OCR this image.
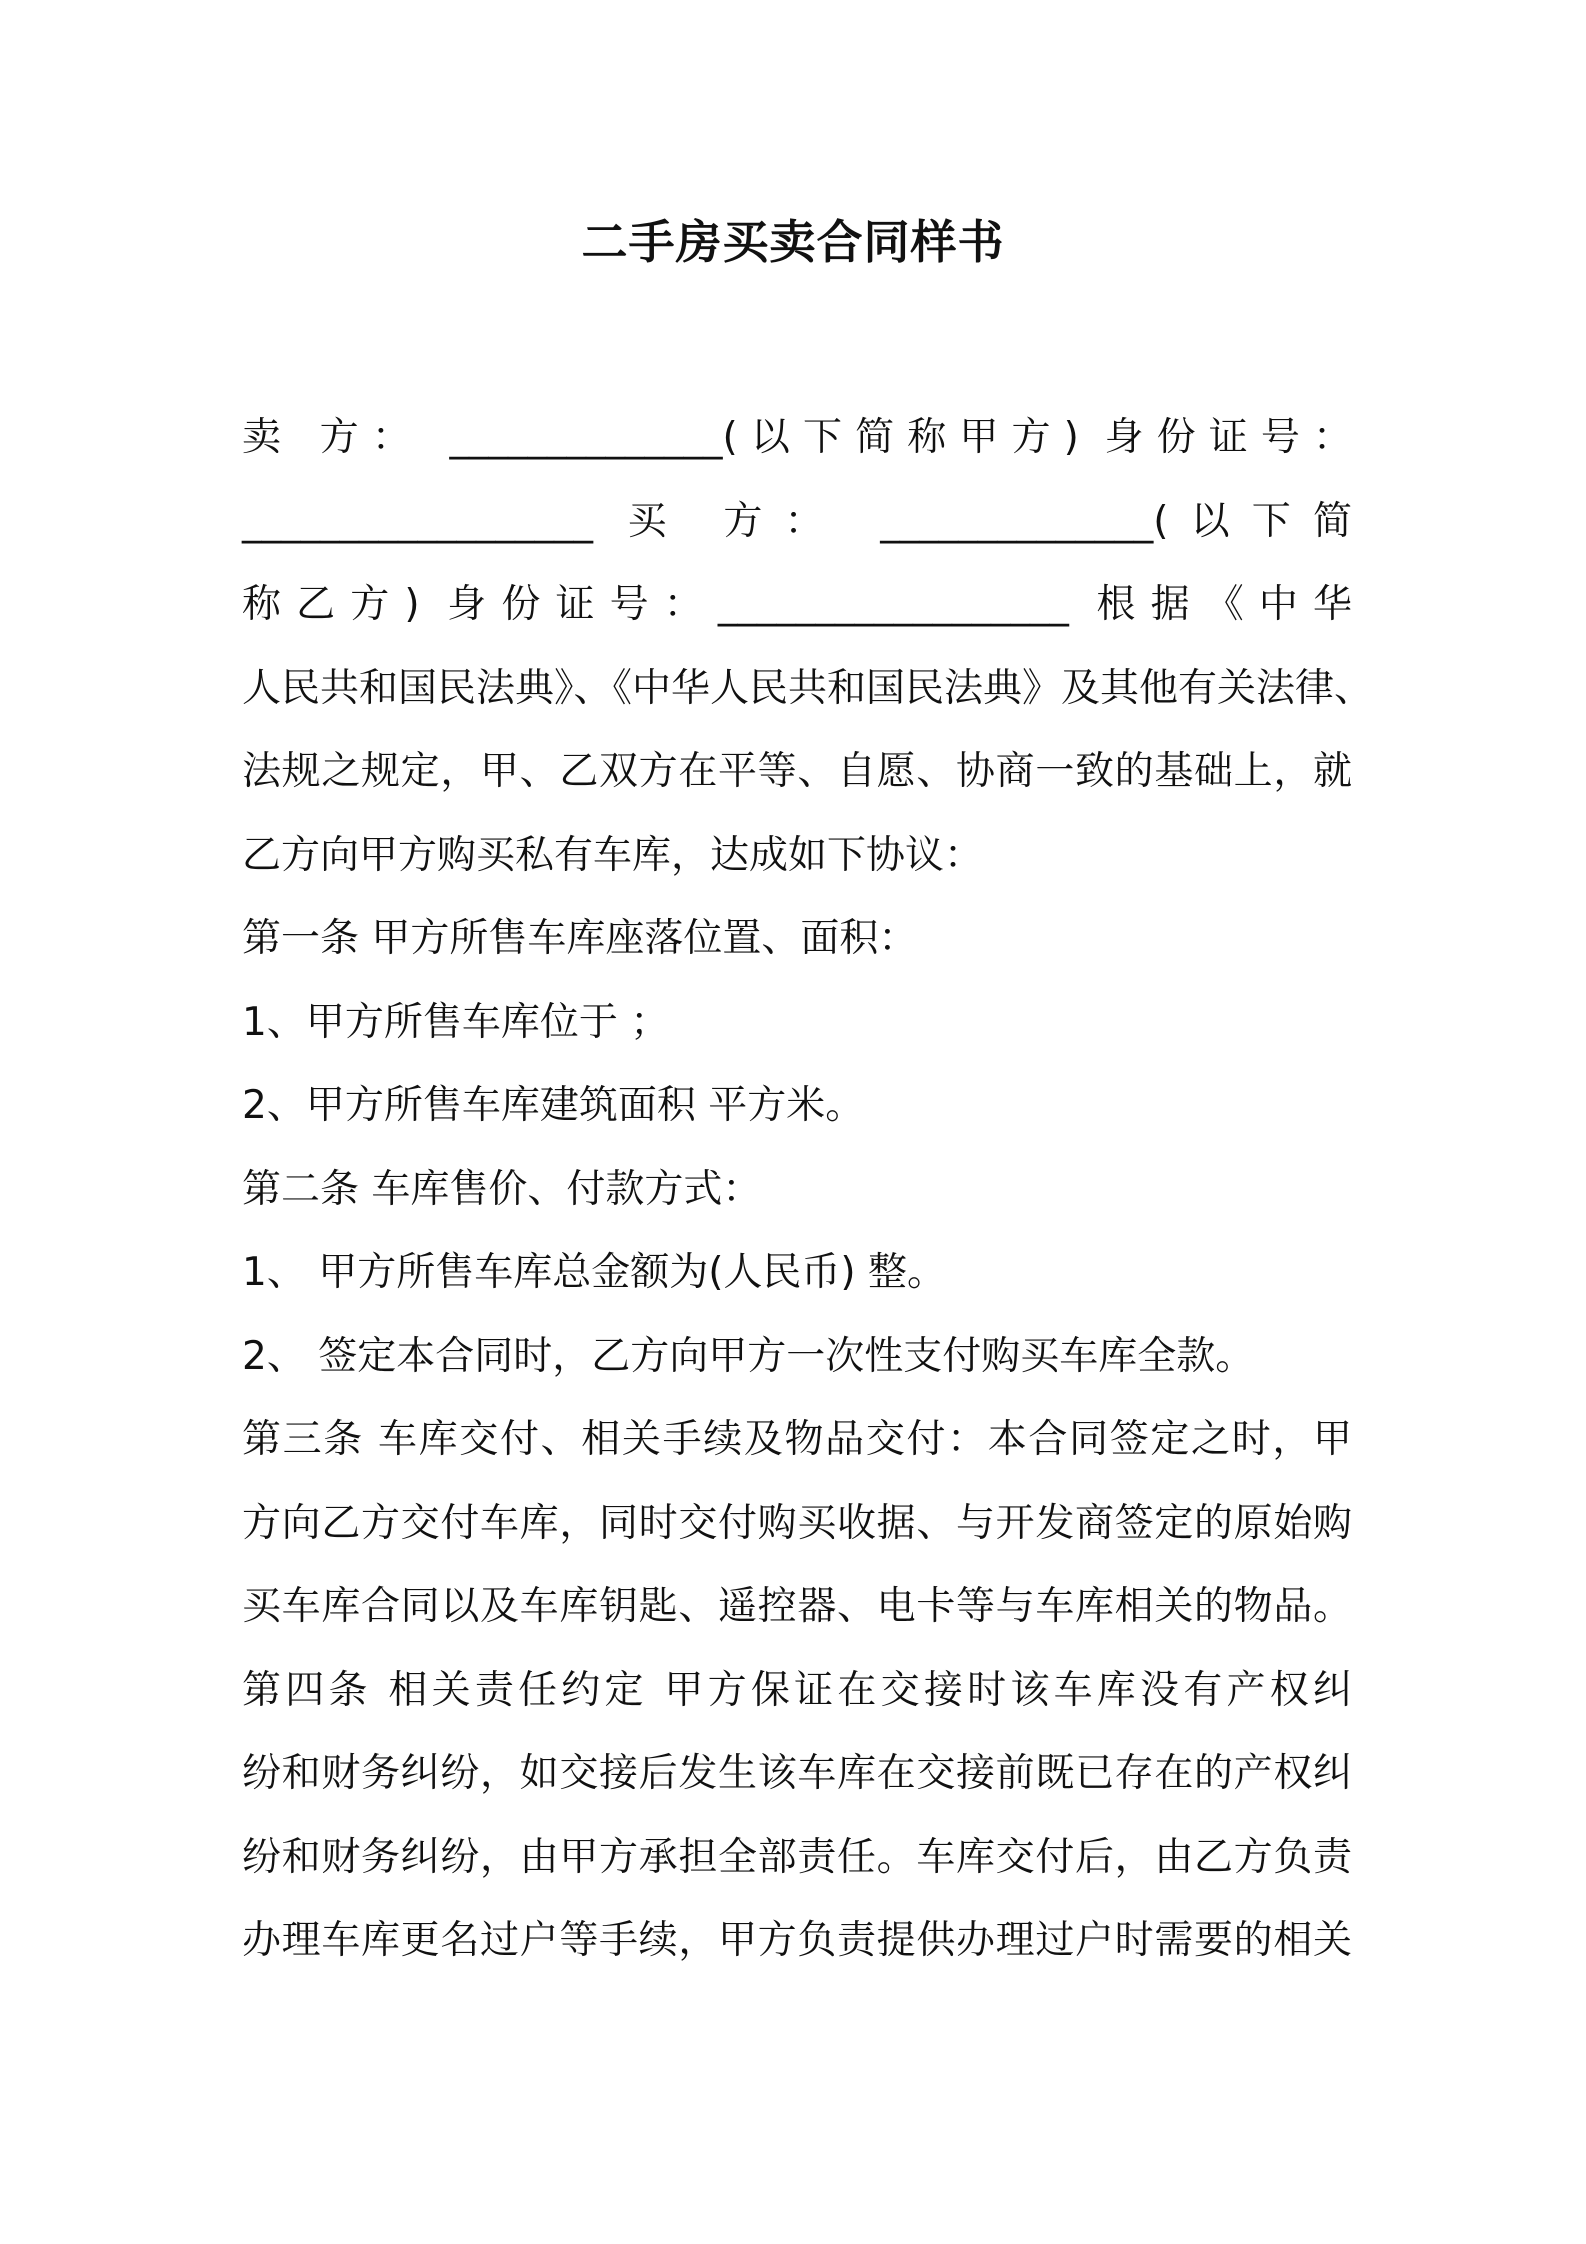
二手房买卖合同样书
卖 方： ______________(以下简称甲方) 身份证号：
__________________ 买 方： ______________(以下简
称乙方) 身份证号：__________________ 根据《中华
人民共和国民法典》、《中华人民共和国民法典》及其他有关法律、
法规之规定，甲、乙双方在平等、自愿、协商一致的基础上，就
乙方向甲方购买私有车库，达成如下协议：
第一条 甲方所售车库座落位置、面积：
1、甲方所售车库位于 ；
2、甲方所售车库建筑面积 平方米。
第二条 车库售价、付款方式：
1、 甲方所售车库总金额为(人民币) 整。
2、 签定本合同时，乙方向甲方一次性支付购买车库全款。
第三条 车库交付、相关手续及物品交付：本合同签定之时，甲
方向乙方交付车库，同时交付购买收据、与开发商签定的原始购
买车库合同以及车库钥匙、遥控器、电卡等与车库相关的物品。
第四条 相关责任约定 甲方保证在交接时该车库没有产权纠
纷和财务纠纷，如交接后发生该车库在交接前既已存在的产权纠
纷和财务纠纷，由甲方承担全部责任。车库交付后，由乙方负责
办理车库更名过户等手续，甲方负责提供办理过户时需要的相关
